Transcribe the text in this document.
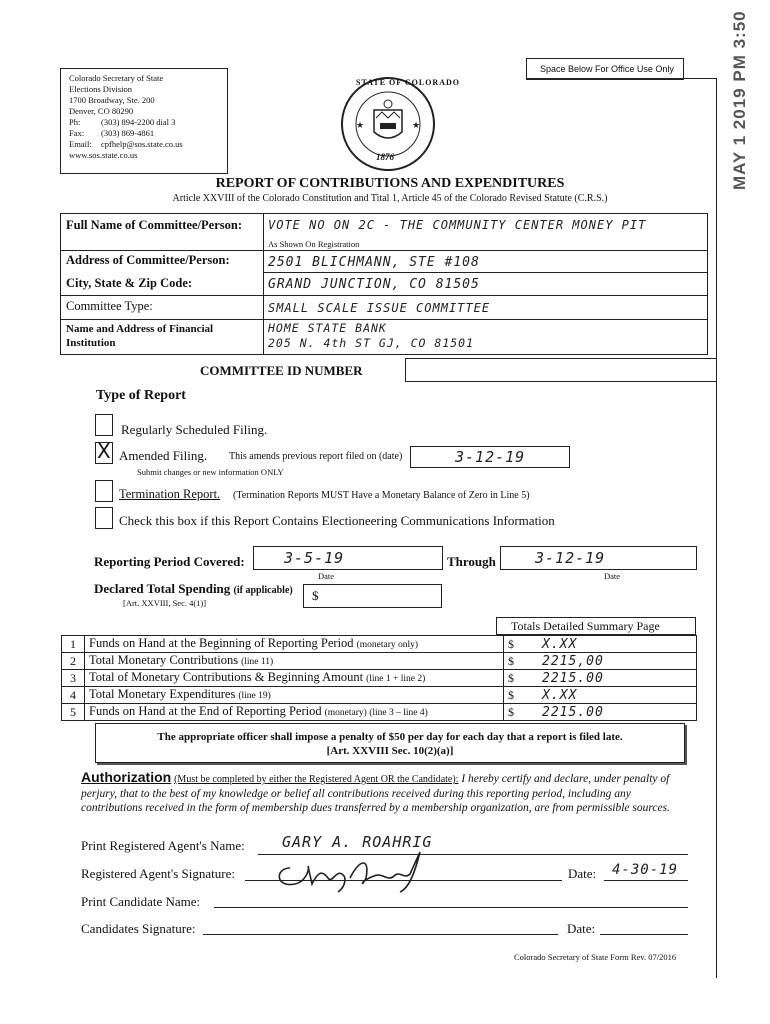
Space Below For Office Use Only	MAY 1 2019 PM 3:50
Colorado Secretary of State
Elections Division
1700 Broadway, Ste. 200
Denver, CO 80290
Ph: (303) 894-2200 dial 3
Fax: (303) 869-4861
Email: cpfhelp@sos.state.co.us
www.sos.state.co.us
★	★
STATE OF COLORADO
1876
REPORT OF CONTRIBUTIONS AND EXPENDITURES
Article XXVIII of the Colorado Constitution and Tital 1, Article 45 of the Colorado Revised Statute (C.R.S.)
Full Name of Committee/Person: VOTE NO ON 2C - THE COMMUNITY CENTER MONEY PIT
As Shown On Registration
Address of Committee/Person:	2501 BLICHMANN, STE #108
City, State & Zip Code:	GRAND JUNCTION, CO 81505
Committee Type:	SMALL SCALE ISSUE COMMITTEE
Name and Address of Financial
Institution
HOME STATE BANK
205 N. 4th ST GJ, CO 81501
COMMITTEE ID NUMBER
Type of Report
Regularly Scheduled Filing.
X Amended Filing. This amends previous report filed on (date)	3-12-19
Submit changes or new information ONLY
Termination Report. (Termination Reports MUST Have a Monetary Balance of Zero in Line 5)
Check this box if this Report Contains Electioneering Communications Information
Reporting Period Covered:	3-5-19
Date
Through	3-12-19
Date
Declared Total Spending (if applicable)
[Art. XXVIII, Sec. 4(1)]	$
Totals Detailed Summary Page
1	Funds on Hand at the Beginning of Reporting Period (monetary only)	$ X.XX
2	Total Monetary Contributions (line 11)	$ 2215,00
3	Total of Monetary Contributions & Beginning Amount (line 1 + line 2)	$ 2215.00
4	Total Monetary Expenditures (line 19)	$ X.XX
5	Funds on Hand at the End of Reporting Period (monetary) (line 3 – line 4)	$ 2215.00
The appropriate officer shall impose a penalty of $50 per day for each day that a report is filed late.
[Art. XXVIII Sec. 10(2)(a)]
Authorization (Must be completed by either the Registered Agent OR the Candidate): I hereby certify and declare, under penalty of perjury, that to the best of my knowledge or belief all contributions received during this reporting period, including any contributions received in the form of membership dues transferred by a membership organization, are from permissible sources.
Print Registered Agent's Name: GARY A. ROAHRIG
Registered Agent's Signature:	Date: 4-30-19
Print Candidate Name:
Candidates Signature:	Date:
Colorado Secretary of State Form Rev. 07/2016
